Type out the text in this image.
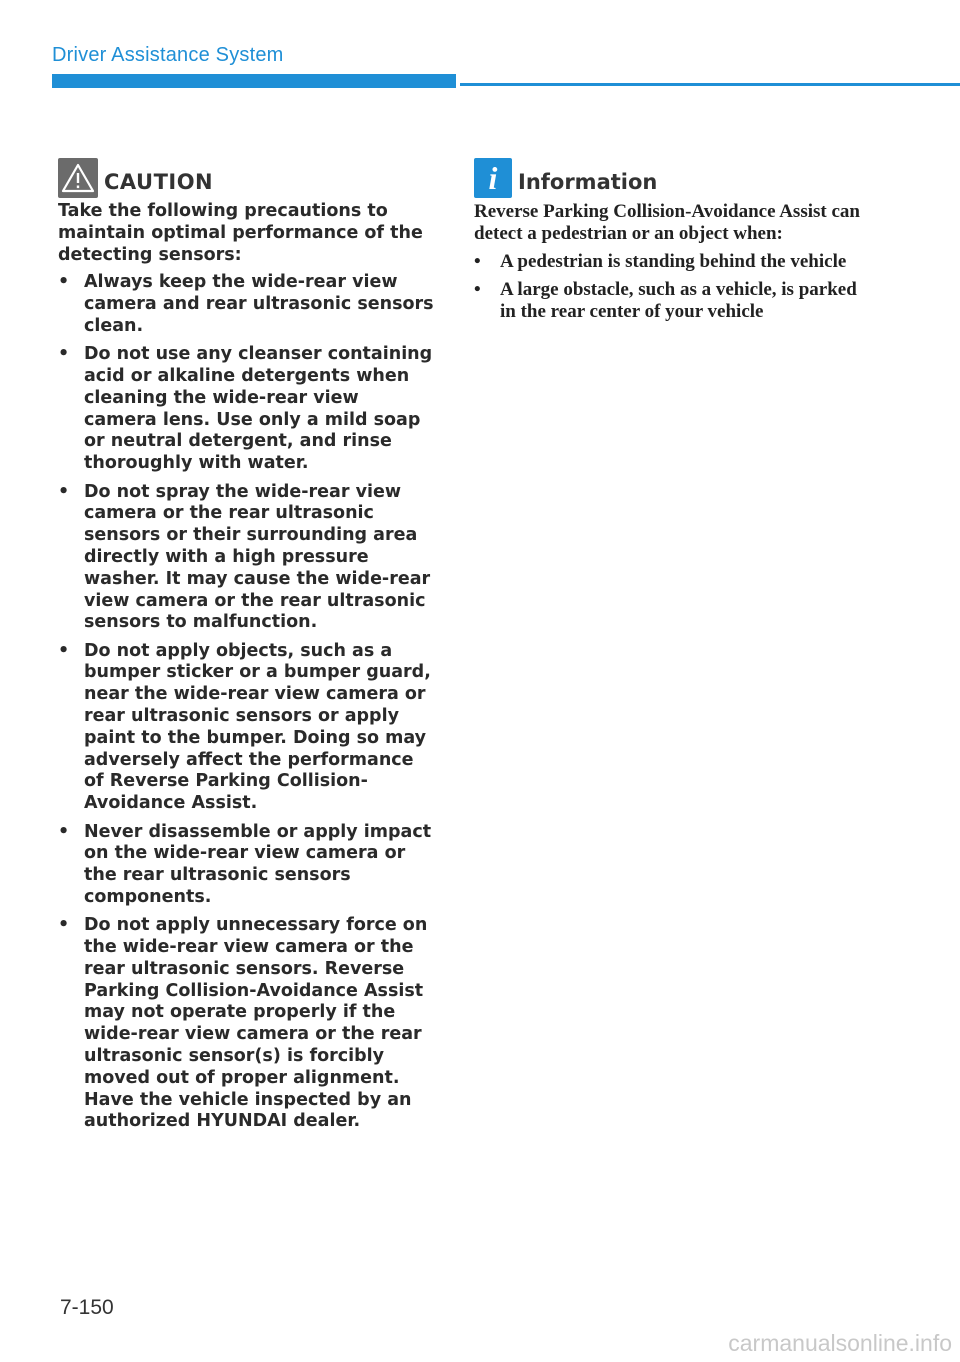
Driver Assistance System
CAUTION

Take the following precautions to maintain optimal performance of the detecting sensors:

• Always keep the wide-rear view camera and rear ultrasonic sensors clean.
• Do not use any cleanser containing acid or alkaline detergents when cleaning the wide-rear view camera lens. Use only a mild soap or neutral detergent, and rinse thoroughly with water.
• Do not spray the wide-rear view camera or the rear ultrasonic sensors or their surrounding area directly with a high pressure washer. It may cause the wide-rear view camera or the rear ultrasonic sensors to malfunction.
• Do not apply objects, such as a bumper sticker or a bumper guard, near the wide-rear view camera or rear ultrasonic sensors or apply paint to the bumper. Doing so may adversely affect the performance of Reverse Parking Collision-Avoidance Assist.
• Never disassemble or apply impact on the wide-rear view camera or the rear ultrasonic sensors components.
• Do not apply unnecessary force on the wide-rear view camera or the rear ultrasonic sensors. Reverse Parking Collision-Avoidance Assist may not operate properly if the wide-rear view camera or the rear ultrasonic sensor(s) is forcibly moved out of proper alignment. Have the vehicle inspected by an authorized HYUNDAI dealer.
i Information

Reverse Parking Collision-Avoidance Assist can detect a pedestrian or an object when:

• A pedestrian is standing behind the vehicle
• A large obstacle, such as a vehicle, is parked in the rear center of your vehicle
7-150
carmanualsonline.info
